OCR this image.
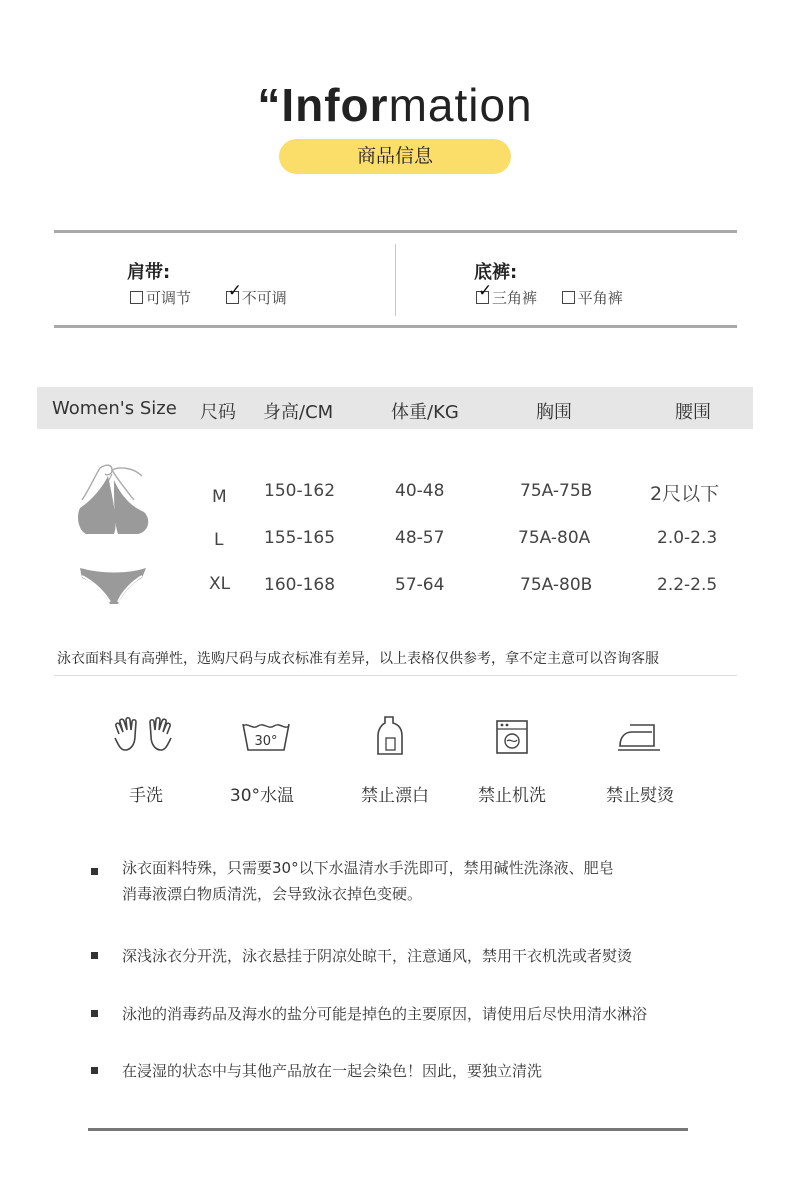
“Information
商品信息
肩带:
可调节 ✓ 不可调
底裤:
✓ 三角裤	平角裤
Women's Size 尺码 身高/CM	体重/KG	胸围	腰围
M 150-162	40-48	75A-75B	2尺以下
L 155-165	48-57	75A-80A	2.0-2.3
XL 160-168	57-64	75A-80B	2.2-2.5
泳衣面料具有高弹性，选购尺码与成衣标准有差异，以上表格仅供参考，拿不定主意可以咨询客服
30°
手洗	30°水温	禁止漂白	禁止机洗	禁止熨烫
泳衣面料特殊，只需要30°以下水温清水手洗即可，禁用碱性洗涤液、肥皂
消毒液漂白物质清洗，会导致泳衣掉色变硬。
深浅泳衣分开洗，泳衣悬挂于阴凉处晾干，注意通风，禁用干衣机洗或者熨烫
泳池的消毒药品及海水的盐分可能是掉色的主要原因，请使用后尽快用清水淋浴
在浸湿的状态中与其他产品放在一起会染色！因此，要独立清洗
